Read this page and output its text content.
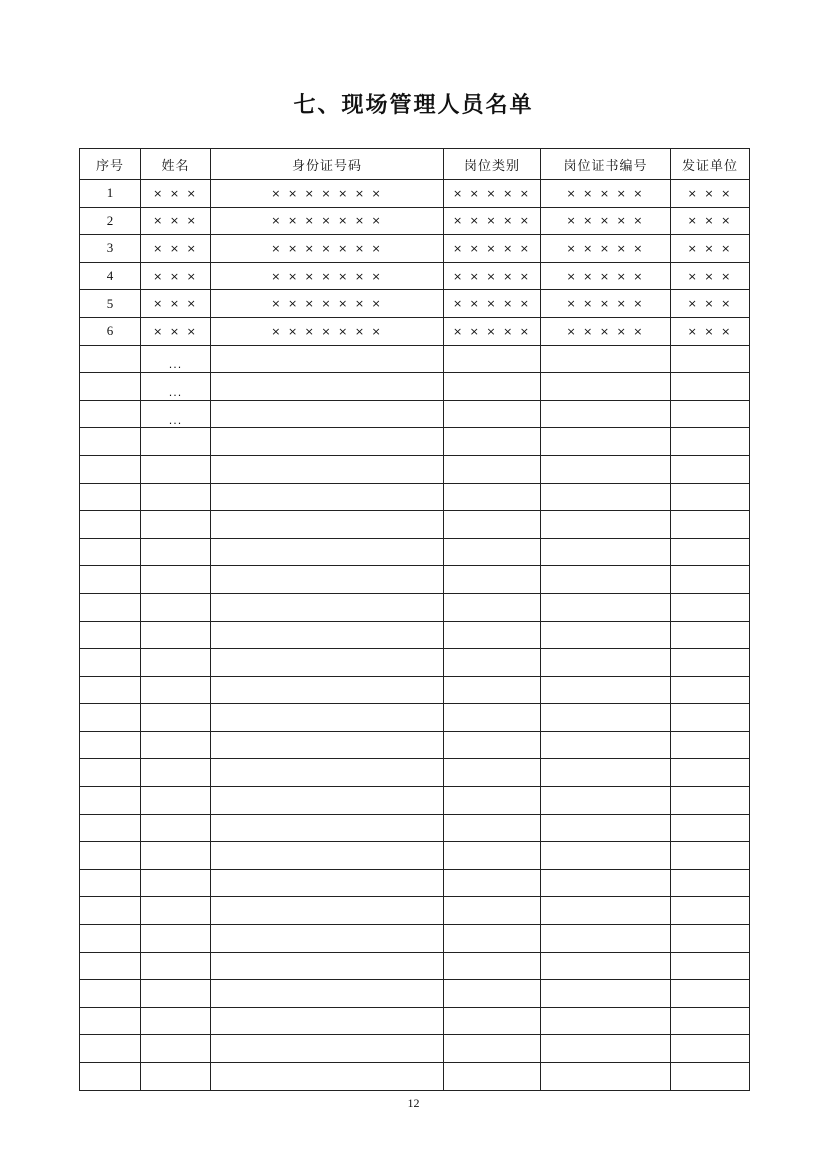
七、现场管理人员名单
序号	姓名	身份证号码	岗位类别	岗位证书编号	发证单位
1	× × ×	× × × × × × ×	× × × × ×	× × × × ×	× × ×
2	× × ×	× × × × × × ×	× × × × ×	× × × × ×	× × ×
3	× × ×	× × × × × × ×	× × × × ×	× × × × ×	× × ×
4	× × ×	× × × × × × ×	× × × × ×	× × × × ×	× × ×
5	× × ×	× × × × × × ×	× × × × ×	× × × × ×	× × ×
6	× × ×	× × × × × × ×	× × × × ×	× × × × ×	× × ×
	...				
	...				
	...				

12
